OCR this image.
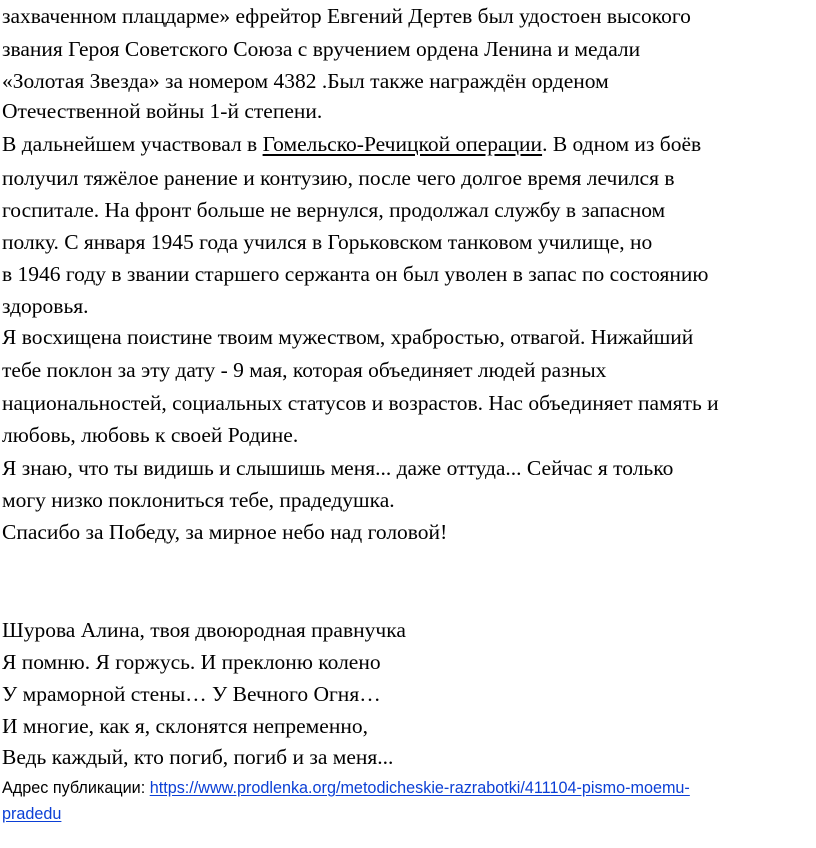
захваченном плацдарме» ефрейтор Евгений Дертев был удостоен высокого
звания Героя Советского Союза с вручением ордена Ленина и медали
«Золотая Звезда» за номером 4382 .Был также награждён орденом
Отечественной войны 1-й степени.
В дальнейшем участвовал в Гомельско-Речицкой операции. В одном из боёв
получил тяжёлое ранение и контузию, после чего долгое время лечился в
госпитале. На фронт больше не вернулся, продолжал службу в запасном
полку. С января 1945 года учился в Горьковском танковом училище, но
в 1946 году в звании старшего сержанта он был уволен в запас по состоянию
здоровья.
Я восхищена поистине твоим мужеством, храбростью, отвагой. Нижайший
тебе поклон за эту дату - 9 мая, которая объединяет людей разных
национальностей, социальных статусов и возрастов. Нас объединяет память и
любовь, любовь к своей Родине.
Я знаю, что ты видишь и слышишь меня... даже оттуда... Сейчас я только
могу низко поклониться тебе, прадедушка.
Спасибо за Победу, за мирное небо над головой!
Шурова Алина, твоя двоюродная правнучка
Я помню. Я горжусь. И преклоню колено
У мраморной стены… У Вечного Огня…
И многие, как я, склонятся непременно,
Ведь каждый, кто погиб, погиб и за меня...
Адрес публикации: https://www.prodlenka.org/metodicheskie-razrabotki/411104-pismo-moemu-
pradedu
